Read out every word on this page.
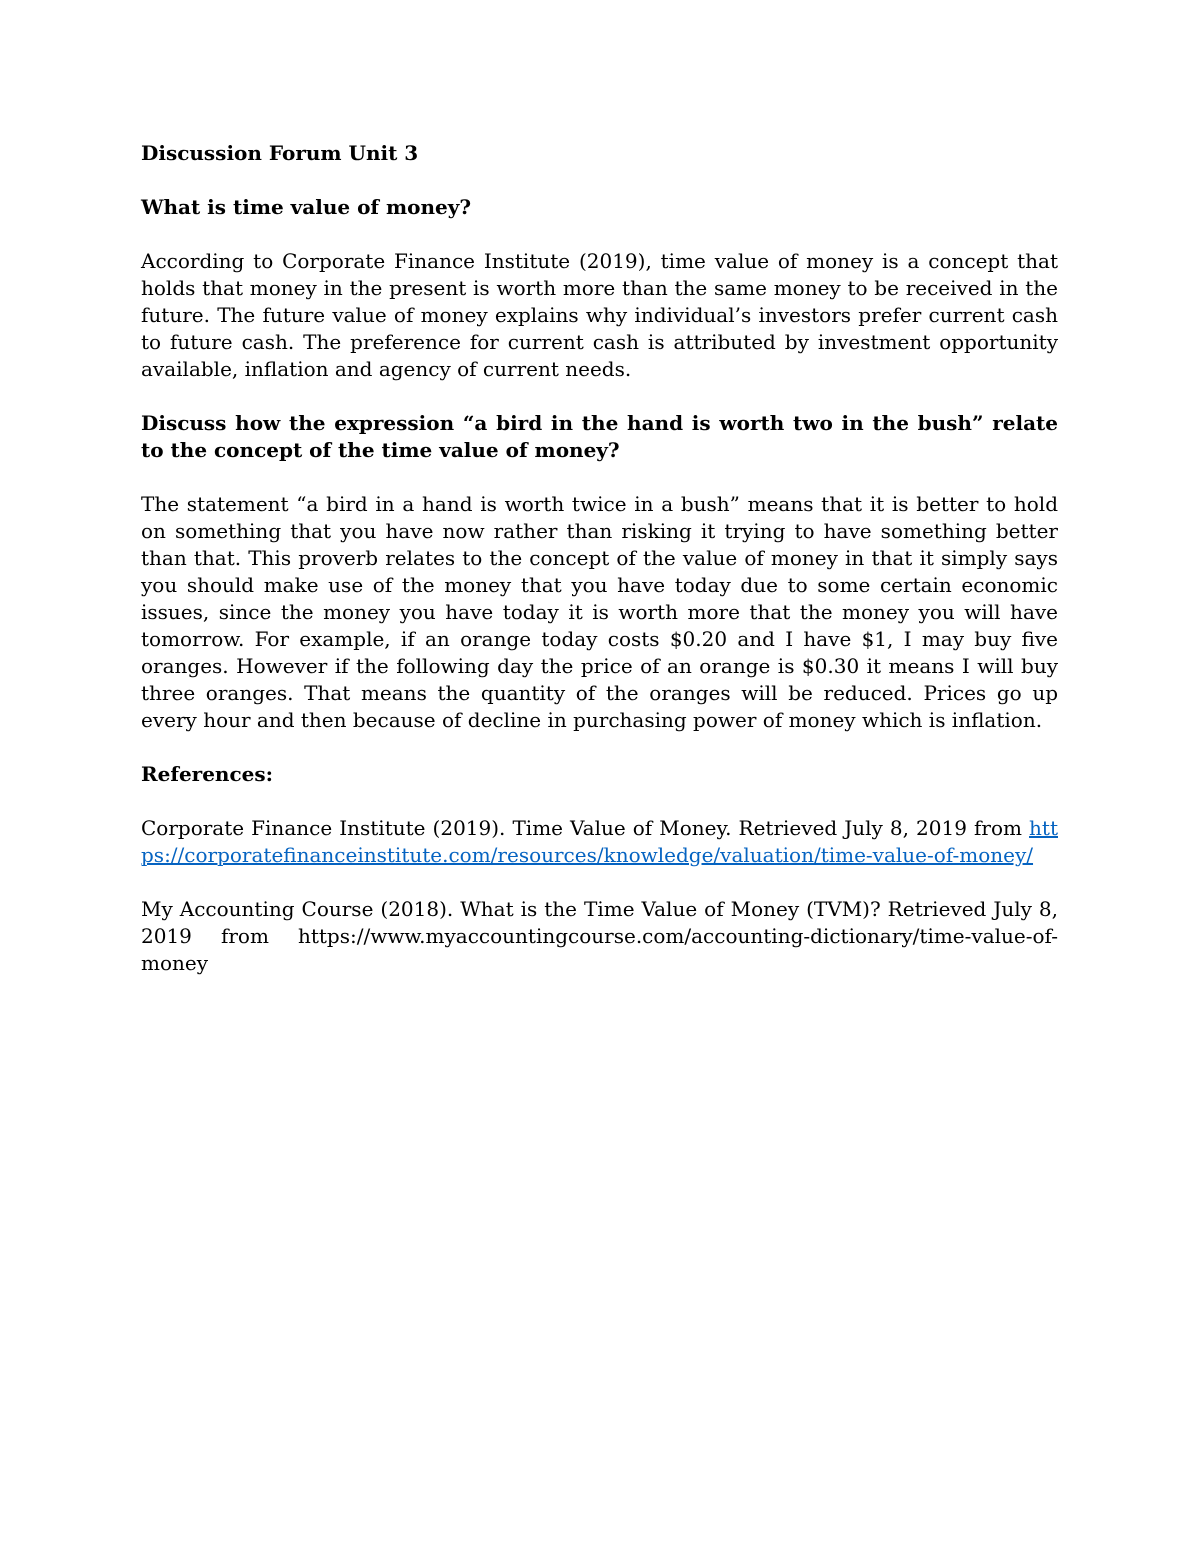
Discussion Forum Unit 3
What is time value of money?

According to Corporate Finance Institute (2019), time value of money is a concept that holds that money in the present is worth more than the same money to be received in the future. The future value of money explains why individual’s investors prefer current cash to future cash. The preference for current cash is attributed by investment opportunity available, inflation and agency of current needs.

Discuss how the expression “a bird in the hand is worth two in the bush” relate to the concept of the time value of money?

The statement “a bird in a hand is worth twice in a bush” means that it is better to hold on something that you have now rather than risking it trying to have something better than that. This proverb relates to the concept of the value of money in that it simply says you should make use of the money that you have today due to some certain economic issues, since the money you have today it is worth more that the money you will have tomorrow. For example, if an orange today costs $0.20 and I have $1, I may buy five oranges. However if the following day the price of an orange is $0.30 it means I will buy three oranges. That means the quantity of the oranges will be reduced. Prices go up every hour and then because of decline in purchasing power of money which is inflation.

References:

Corporate Finance Institute (2019). Time Value of Money. Retrieved July 8, 2019 from https://corporatefinanceinstitute.com/resources/knowledge/valuation/time-value-of-money/

My Accounting Course (2018). What is the Time Value of Money (TVM)? Retrieved July 8, 2019 from https://www.myaccountingcourse.com/accounting-dictionary/time-value-of-money
